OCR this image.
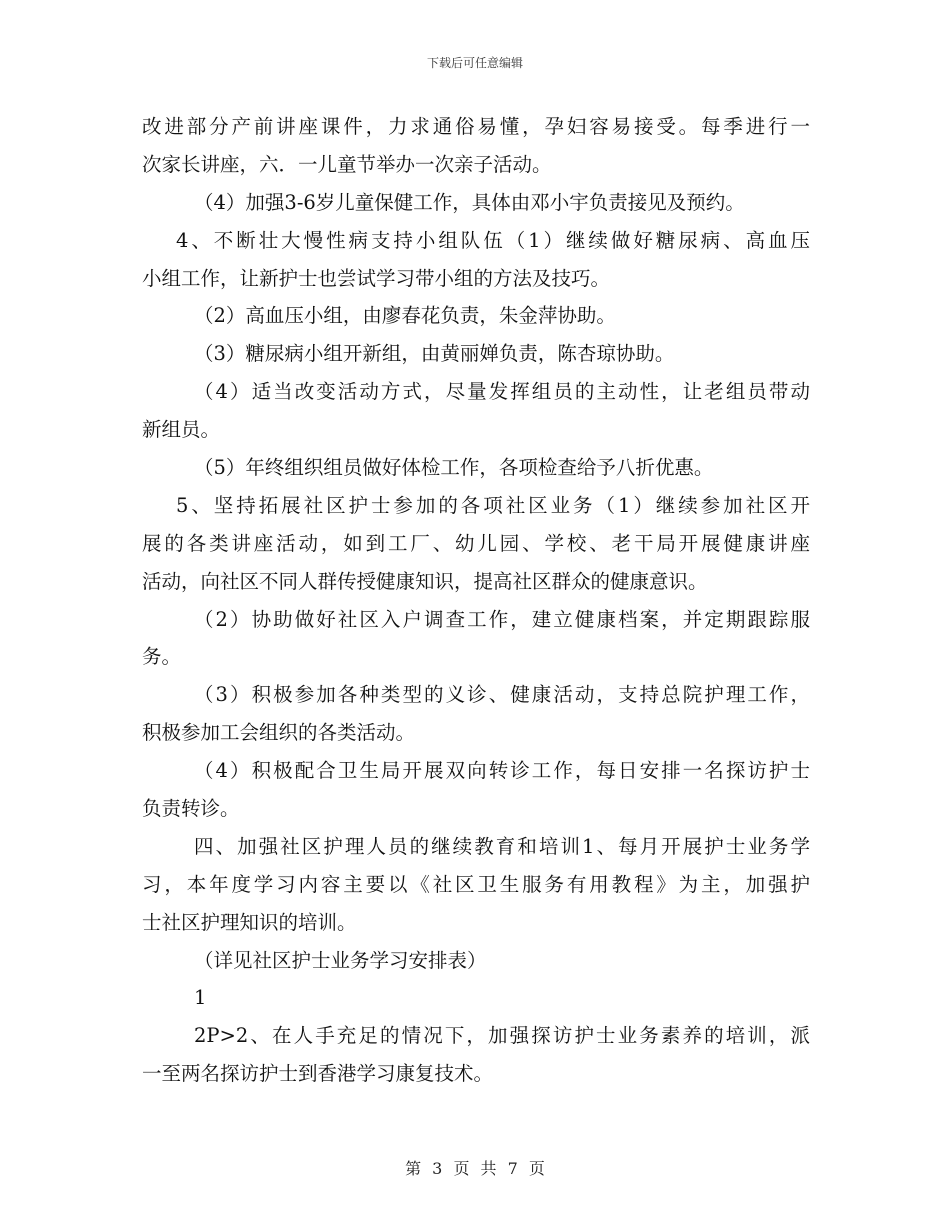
下载后可任意编辑
改进部分产前讲座课件，力求通俗易懂，孕妇容易接受。每季进行一
次家长讲座，六．一儿童节举办一次亲子活动。
（4）加强3-6岁儿童保健工作，具体由邓小宇负责接见及预约。
4、不断壮大慢性病支持小组队伍（1）继续做好糖尿病、高血压
小组工作，让新护士也尝试学习带小组的方法及技巧。
（2）高血压小组，由廖春花负责，朱金萍协助。
（3）糖尿病小组开新组，由黄丽婵负责，陈杏琼协助。
（4）适当改变活动方式，尽量发挥组员的主动性，让老组员带动
新组员。
（5）年终组织组员做好体检工作，各项检查给予八折优惠。
5、坚持拓展社区护士参加的各项社区业务（1）继续参加社区开
展的各类讲座活动，如到工厂、幼儿园、学校、老干局开展健康讲座
活动，向社区不同人群传授健康知识，提高社区群众的健康意识。
（2）协助做好社区入户调查工作，建立健康档案，并定期跟踪服
务。
（3）积极参加各种类型的义诊、健康活动，支持总院护理工作，
积极参加工会组织的各类活动。
（4）积极配合卫生局开展双向转诊工作，每日安排一名探访护士
负责转诊。
四、加强社区护理人员的继续教育和培训1、每月开展护士业务学
习，本年度学习内容主要以《社区卫生服务有用教程》为主，加强护
士社区护理知识的培训。
（详见社区护士业务学习安排表）
1
2P>2、在人手充足的情况下，加强探访护士业务素养的培训，派
一至两名探访护士到香港学习康复技术。
第 3 页 共 7 页
